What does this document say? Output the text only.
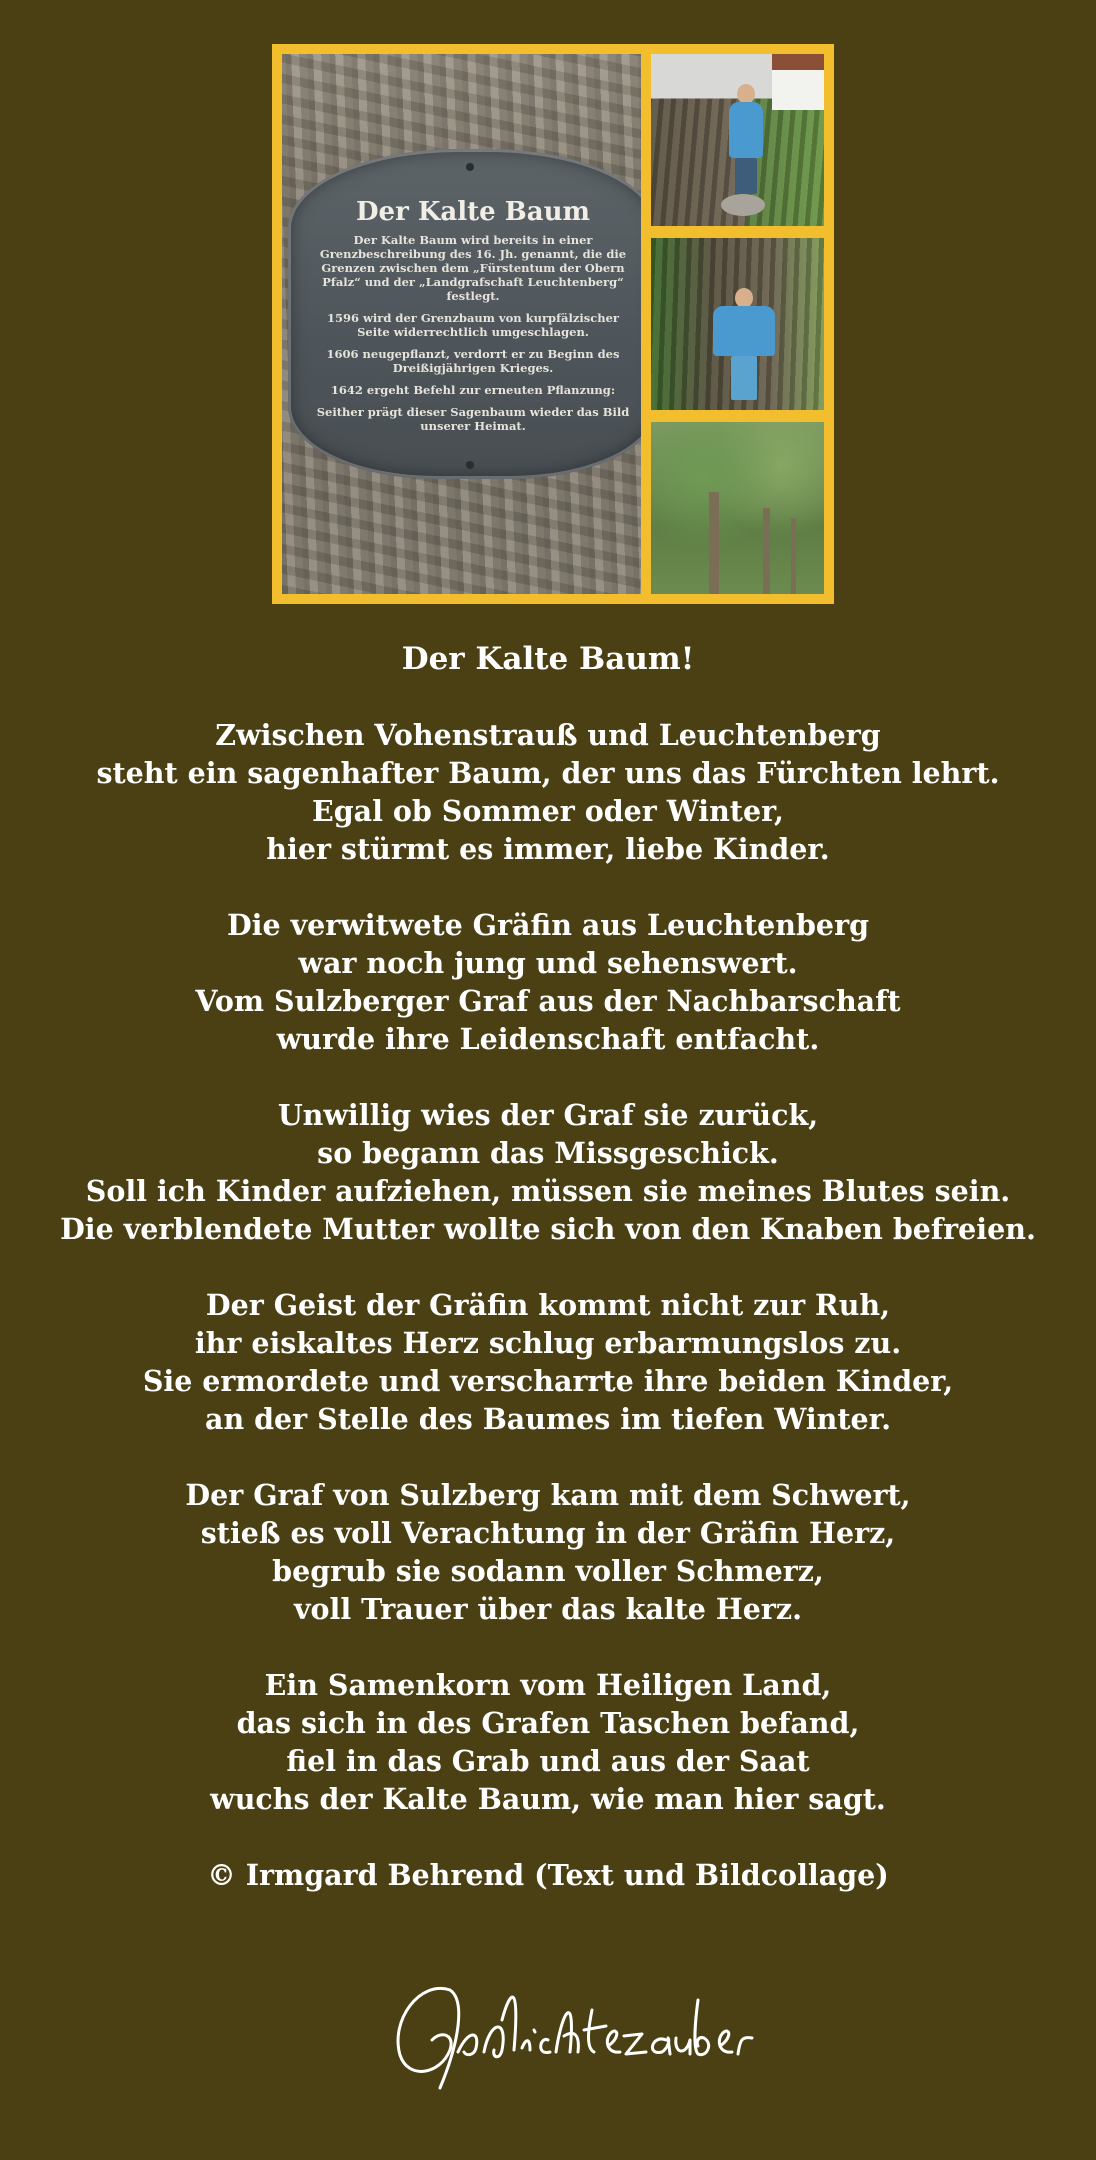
Der Kalte Baum

Der Kalte Baum wird bereits in einer Grenzbeschreibung des 16. Jh. genannt, die die Grenzen zwischen dem „Fürstentum der Obern Pfalz“ und der „Landgrafschaft Leuchtenberg“ festlegt.

1596 wird der Grenzbaum von kurpfälzischer Seite widerrechtlich umgeschlagen.

1606 neugepflanzt, verdorrt er zu Beginn des Dreißigjährigen Krieges.

1642 ergeht Befehl zur erneuten Pflanzung:

Seither prägt dieser Sagenbaum wieder das Bild unserer Heimat.

Der Kalte Baum!
Zwischen Vohenstrauß und Leuchtenberg
steht ein sagenhafter Baum, der uns das Fürchten lehrt.
Egal ob Sommer oder Winter,
hier stürmt es immer, liebe Kinder.
Die verwitwete Gräfin aus Leuchtenberg
war noch jung und sehenswert.
Vom Sulzberger Graf aus der Nachbarschaft
wurde ihre Leidenschaft entfacht.
Unwillig wies der Graf sie zurück,
so begann das Missgeschick.
Soll ich Kinder aufziehen, müssen sie meines Blutes sein.
Die verblendete Mutter wollte sich von den Knaben befreien.
Der Geist der Gräfin kommt nicht zur Ruh,
ihr eiskaltes Herz schlug erbarmungslos zu.
Sie ermordete und verscharrte ihre beiden Kinder,
an der Stelle des Baumes im tiefen Winter.
Der Graf von Sulzberg kam mit dem Schwert,
stieß es voll Verachtung in der Gräfin Herz,
begrub sie sodann voller Schmerz,
voll Trauer über das kalte Herz.
Ein Samenkorn vom Heiligen Land,
das sich in des Grafen Taschen befand,
fiel in das Grab und aus der Saat
wuchs der Kalte Baum, wie man hier sagt.
© Irmgard Behrend (Text und Bildcollage)
